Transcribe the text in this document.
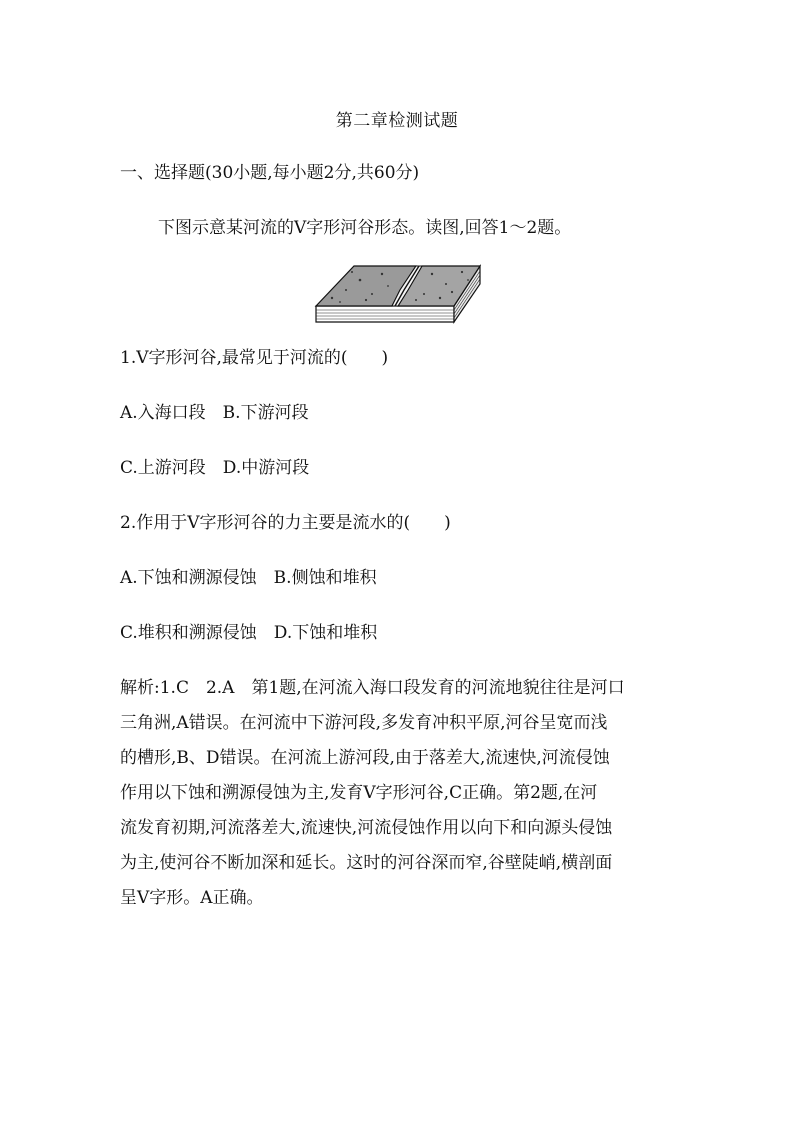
第二章检测试题
一、选择题(30小题,每小题2分,共60分)
下图示意某河流的V字形河谷形态。读图,回答1～2题。
1.V字形河谷,最常见于河流的(　　)
A.入海口段　B.下游河段
C.上游河段　D.中游河段
2.作用于V字形河谷的力主要是流水的(　　)
A.下蚀和溯源侵蚀　B.侧蚀和堆积
C.堆积和溯源侵蚀　D.下蚀和堆积
解析:1.C　2.A　第1题,在河流入海口段发育的河流地貌往往是河口
三角洲,A错误。在河流中下游河段,多发育冲积平原,河谷呈宽而浅
的槽形,B、D错误。在河流上游河段,由于落差大,流速快,河流侵蚀
作用以下蚀和溯源侵蚀为主,发育V字形河谷,C正确。第2题,在河
流发育初期,河流落差大,流速快,河流侵蚀作用以向下和向源头侵蚀
为主,使河谷不断加深和延长。这时的河谷深而窄,谷壁陡峭,横剖面
呈V字形。A正确。
